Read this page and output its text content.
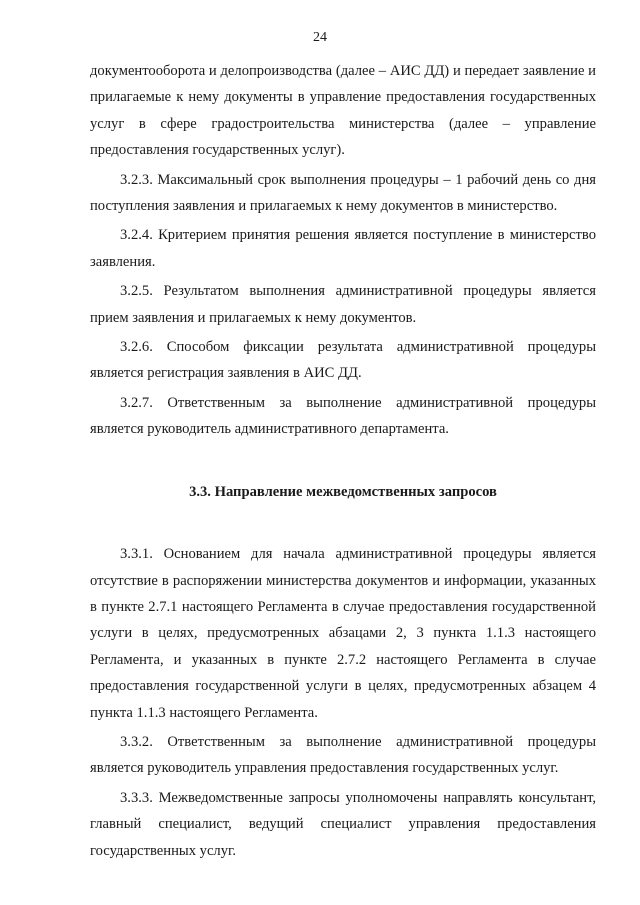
24

документооборота и делопроизводства (далее – АИС ДД) и передает заявление и прилагаемые к нему документы в управление предоставления государственных услуг в сфере градостроительства министерства (далее – управление предоставления государственных услуг).

3.2.3. Максимальный срок выполнения процедуры – 1 рабочий день со дня поступления заявления и прилагаемых к нему документов в министерство.

3.2.4. Критерием принятия решения является поступление в министерство заявления.

3.2.5. Результатом выполнения административной процедуры является прием заявления и прилагаемых к нему документов.

3.2.6. Способом фиксации результата административной процедуры является регистрация заявления в АИС ДД.

3.2.7. Ответственным за выполнение административной процедуры является руководитель административного департамента.

3.3. Направление межведомственных запросов

3.3.1. Основанием для начала административной процедуры является отсутствие в распоряжении министерства документов и информации, указанных в пункте 2.7.1 настоящего Регламента в случае предоставления государственной услуги в целях, предусмотренных абзацами 2, 3 пункта 1.1.3 настоящего Регламента, и указанных в пункте 2.7.2 настоящего Регламента в случае предоставления государственной услуги в целях, предусмотренных абзацем 4 пункта 1.1.3 настоящего Регламента.

3.3.2. Ответственным за выполнение административной процедуры является руководитель управления предоставления государственных услуг.

3.3.3. Межведомственные запросы уполномочены направлять консультант, главный специалист, ведущий специалист управления предоставления государственных услуг.
